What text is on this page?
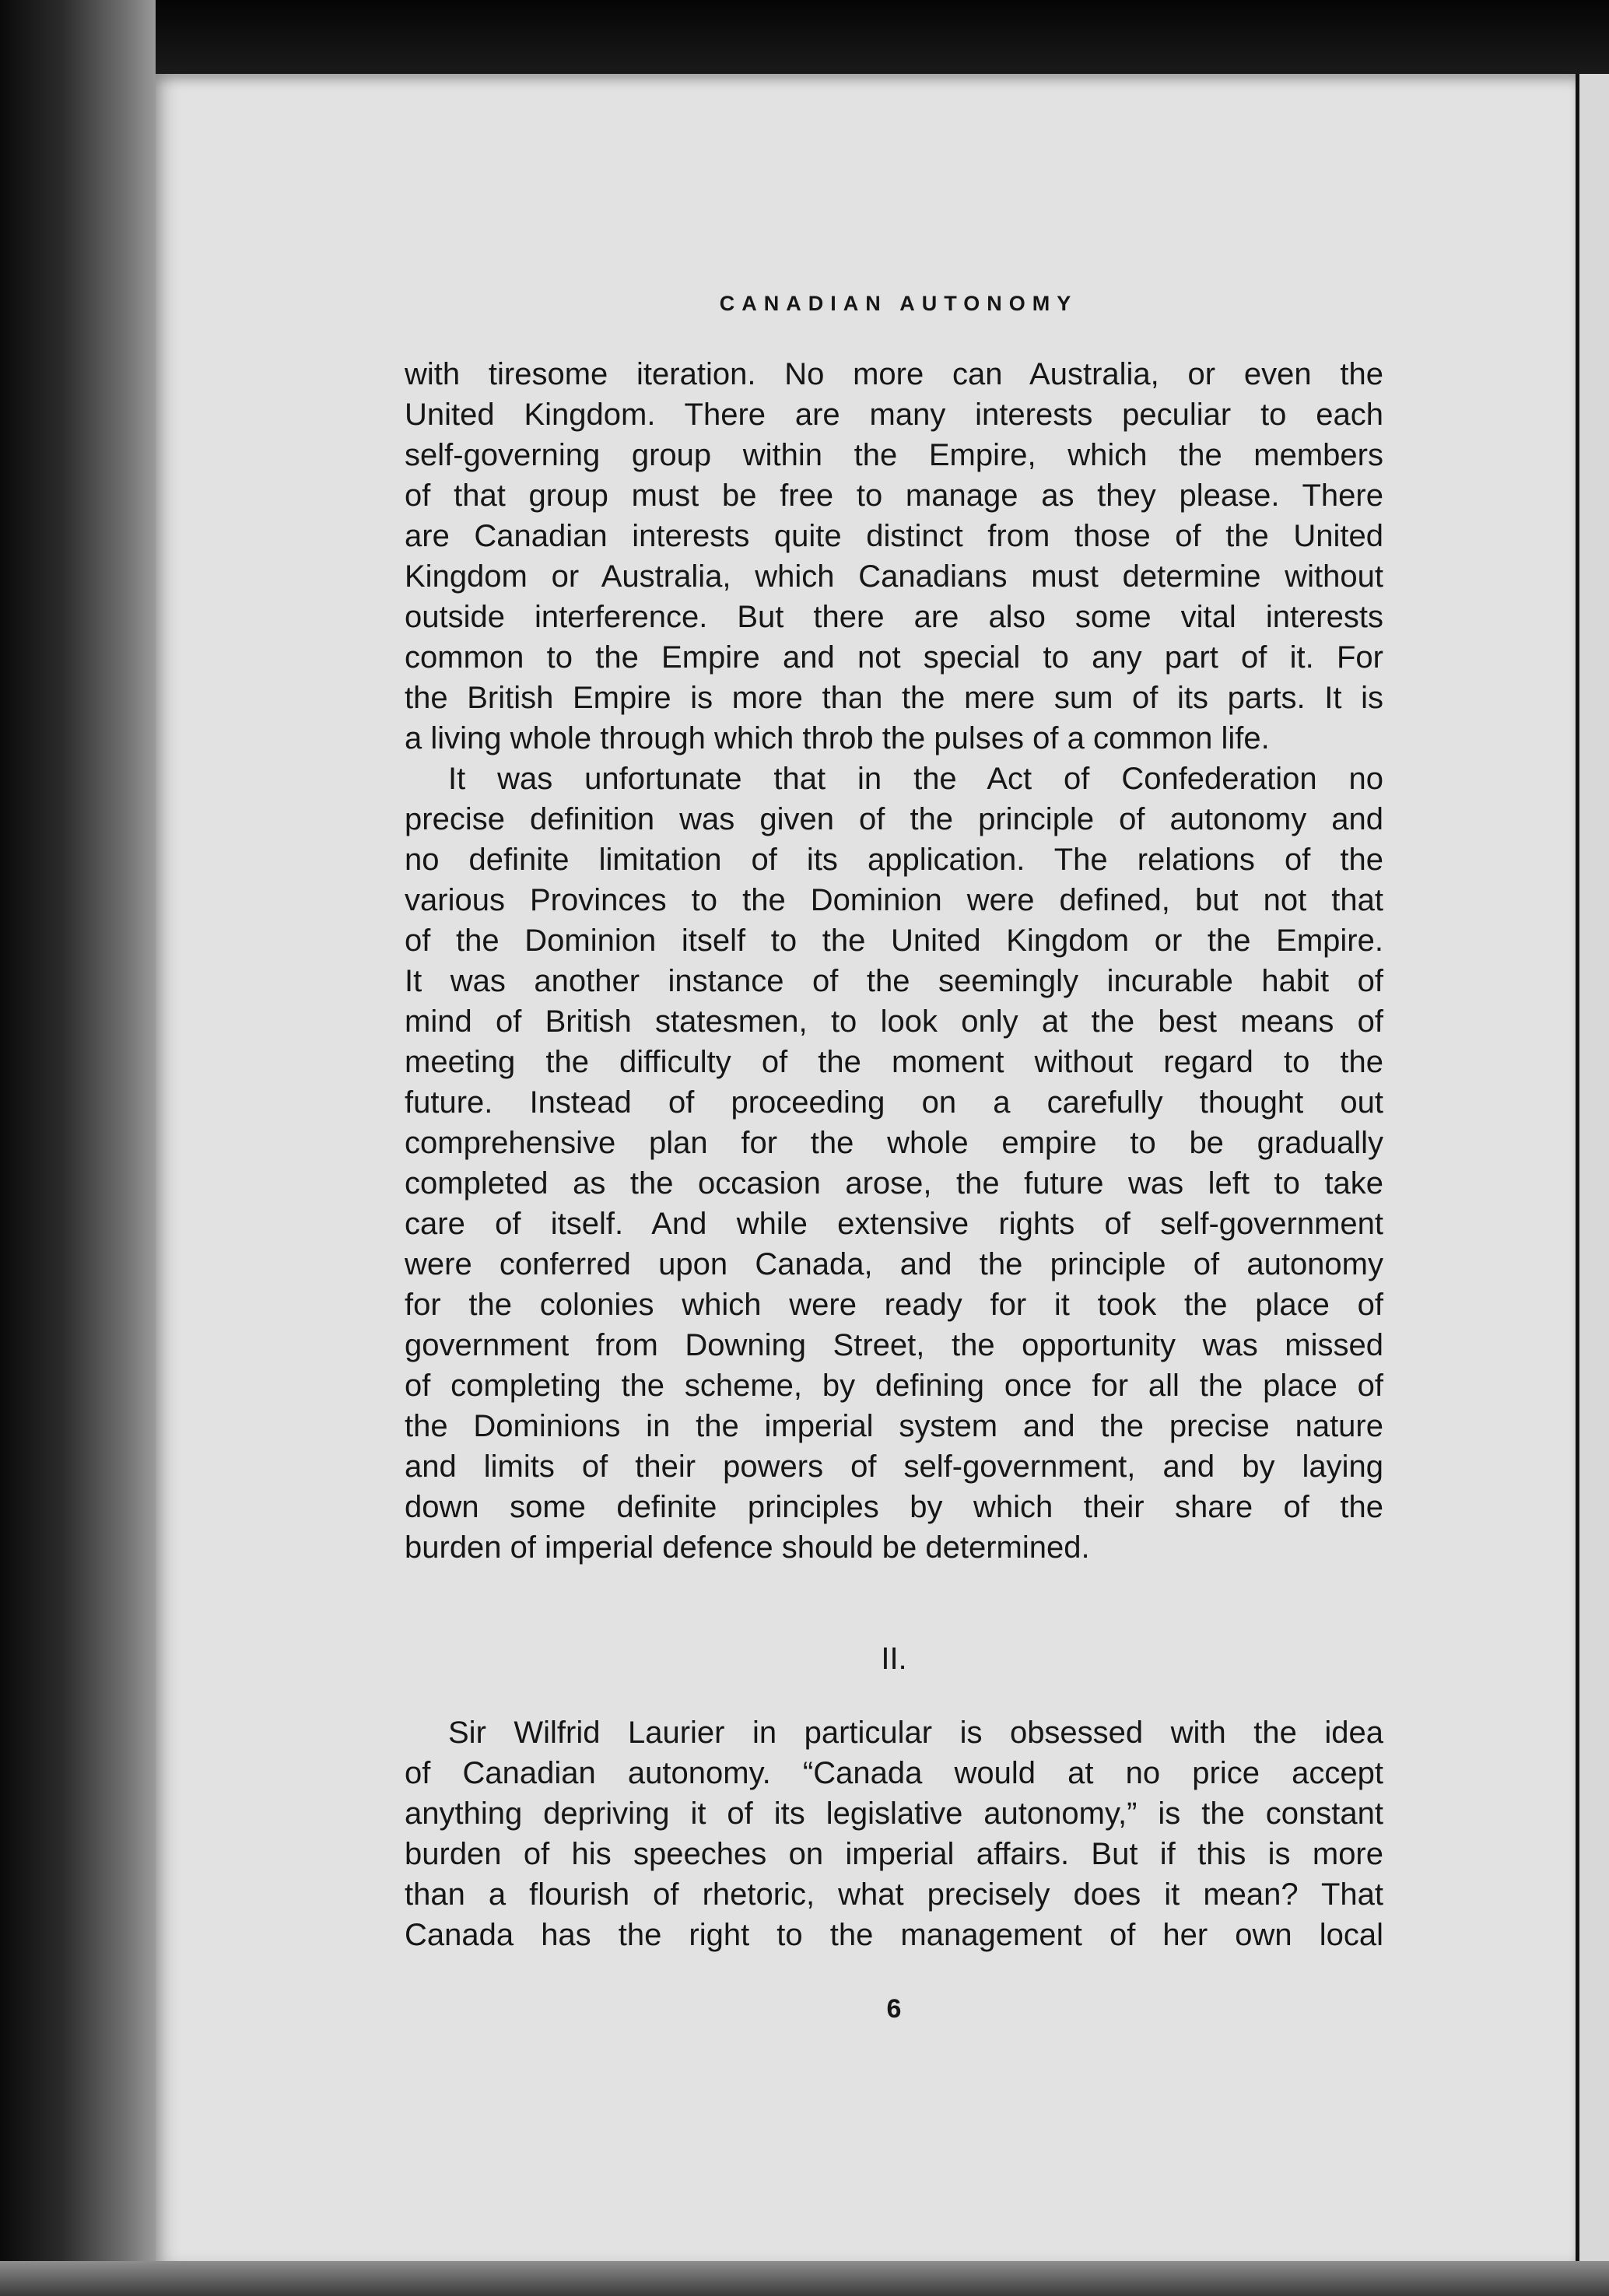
CANADIAN AUTONOMY
with tiresome iteration. No more can Australia, or even the
United Kingdom. There are many interests peculiar to each
self-governing group within the Empire, which the members
of that group must be free to manage as they please. There
are Canadian interests quite distinct from those of the United
Kingdom or Australia, which Canadians must determine without
outside interference. But there are also some vital interests
common to the Empire and not special to any part of it. For
the British Empire is more than the mere sum of its parts. It is
a living whole through which throb the pulses of a common life.
It was unfortunate that in the Act of Confederation no
precise definition was given of the principle of autonomy and
no definite limitation of its application. The relations of the
various Provinces to the Dominion were defined, but not that
of the Dominion itself to the United Kingdom or the Empire.
It was another instance of the seemingly incurable habit of
mind of British statesmen, to look only at the best means of
meeting the difficulty of the moment without regard to the
future. Instead of proceeding on a carefully thought out
comprehensive plan for the whole empire to be gradually
completed as the occasion arose, the future was left to take
care of itself. And while extensive rights of self-government
were conferred upon Canada, and the principle of autonomy
for the colonies which were ready for it took the place of
government from Downing Street, the opportunity was missed
of completing the scheme, by defining once for all the place of
the Dominions in the imperial system and the precise nature
and limits of their powers of self-government, and by laying
down some definite principles by which their share of the
burden of imperial defence should be determined.
II.
Sir Wilfrid Laurier in particular is obsessed with the idea
of Canadian autonomy. “Canada would at no price accept
anything depriving it of its legislative autonomy,” is the constant
burden of his speeches on imperial affairs. But if this is more
than a flourish of rhetoric, what precisely does it mean? That
Canada has the right to the management of her own local
6
